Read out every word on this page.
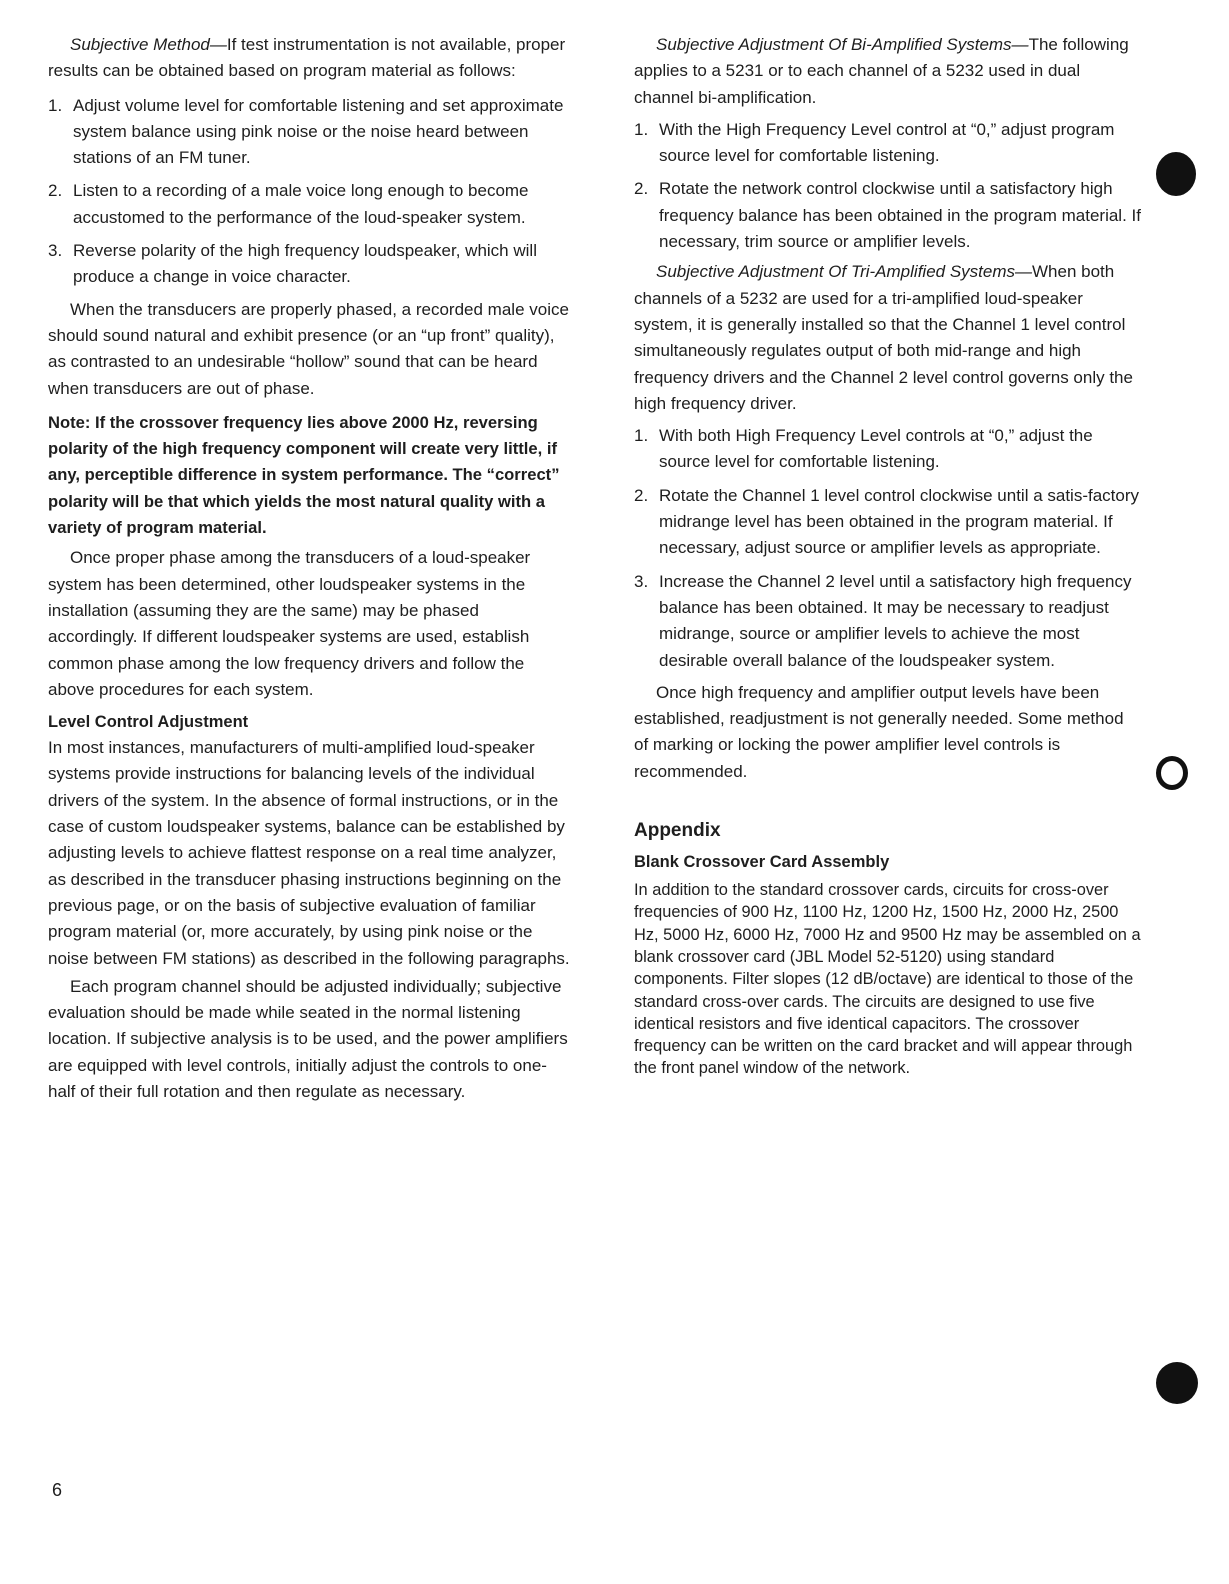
Subjective Method—If test instrumentation is not available, proper results can be obtained based on program material as follows:

1. Adjust volume level for comfortable listening and set approximate system balance using pink noise or the noise heard between stations of an FM tuner.
2. Listen to a recording of a male voice long enough to become accustomed to the performance of the loud-speaker system.
3. Reverse polarity of the high frequency loudspeaker, which will produce a change in voice character.

When the transducers are properly phased, a recorded male voice should sound natural and exhibit presence (or an “up front” quality), as contrasted to an undesirable “hollow” sound that can be heard when transducers are out of phase.

Note: If the crossover frequency lies above 2000 Hz, reversing polarity of the high frequency component will create very little, if any, perceptible difference in system performance. The “correct” polarity will be that which yields the most natural quality with a variety of program material.

Once proper phase among the transducers of a loud-speaker system has been determined, other loudspeaker systems in the installation (assuming they are the same) may be phased accordingly. If different loudspeaker systems are used, establish common phase among the low frequency drivers and follow the above procedures for each system.

Level Control Adjustment

In most instances, manufacturers of multi-amplified loud-speaker systems provide instructions for balancing levels of the individual drivers of the system. In the absence of formal instructions, or in the case of custom loudspeaker systems, balance can be established by adjusting levels to achieve flattest response on a real time analyzer, as described in the transducer phasing instructions beginning on the previous page, or on the basis of subjective evaluation of familiar program material (or, more accurately, by using pink noise or the noise between FM stations) as described in the following paragraphs.

Each program channel should be adjusted individually; subjective evaluation should be made while seated in the normal listening location. If subjective analysis is to be used, and the power amplifiers are equipped with level controls, initially adjust the controls to one-half of their full rotation and then regulate as necessary.

Subjective Adjustment Of Bi-Amplified Systems—The following applies to a 5231 or to each channel of a 5232 used in dual channel bi-amplification.

1. With the High Frequency Level control at “0,” adjust program source level for comfortable listening.
2. Rotate the network control clockwise until a satisfactory high frequency balance has been obtained in the program material. If necessary, trim source or amplifier levels.

Subjective Adjustment Of Tri-Amplified Systems—When both channels of a 5232 are used for a tri-amplified loud-speaker system, it is generally installed so that the Channel 1 level control simultaneously regulates output of both mid-range and high frequency drivers and the Channel 2 level control governs only the high frequency driver.

1. With both High Frequency Level controls at “0,” adjust the source level for comfortable listening.
2. Rotate the Channel 1 level control clockwise until a satis-factory midrange level has been obtained in the program material. If necessary, adjust source or amplifier levels as appropriate.
3. Increase the Channel 2 level until a satisfactory high frequency balance has been obtained. It may be necessary to readjust midrange, source or amplifier levels to achieve the most desirable overall balance of the loudspeaker system.

Once high frequency and amplifier output levels have been established, readjustment is not generally needed. Some method of marking or locking the power amplifier level controls is recommended.

Appendix
Blank Crossover Card Assembly

In addition to the standard crossover cards, circuits for cross-over frequencies of 900 Hz, 1100 Hz, 1200 Hz, 1500 Hz, 2000 Hz, 2500 Hz, 5000 Hz, 6000 Hz, 7000 Hz and 9500 Hz may be assembled on a blank crossover card (JBL Model 52-5120) using standard components. Filter slopes (12 dB/octave) are identical to those of the standard cross-over cards. The circuits are designed to use five identical resistors and five identical capacitors. The crossover frequency can be written on the card bracket and will appear through the front panel window of the network.

6
